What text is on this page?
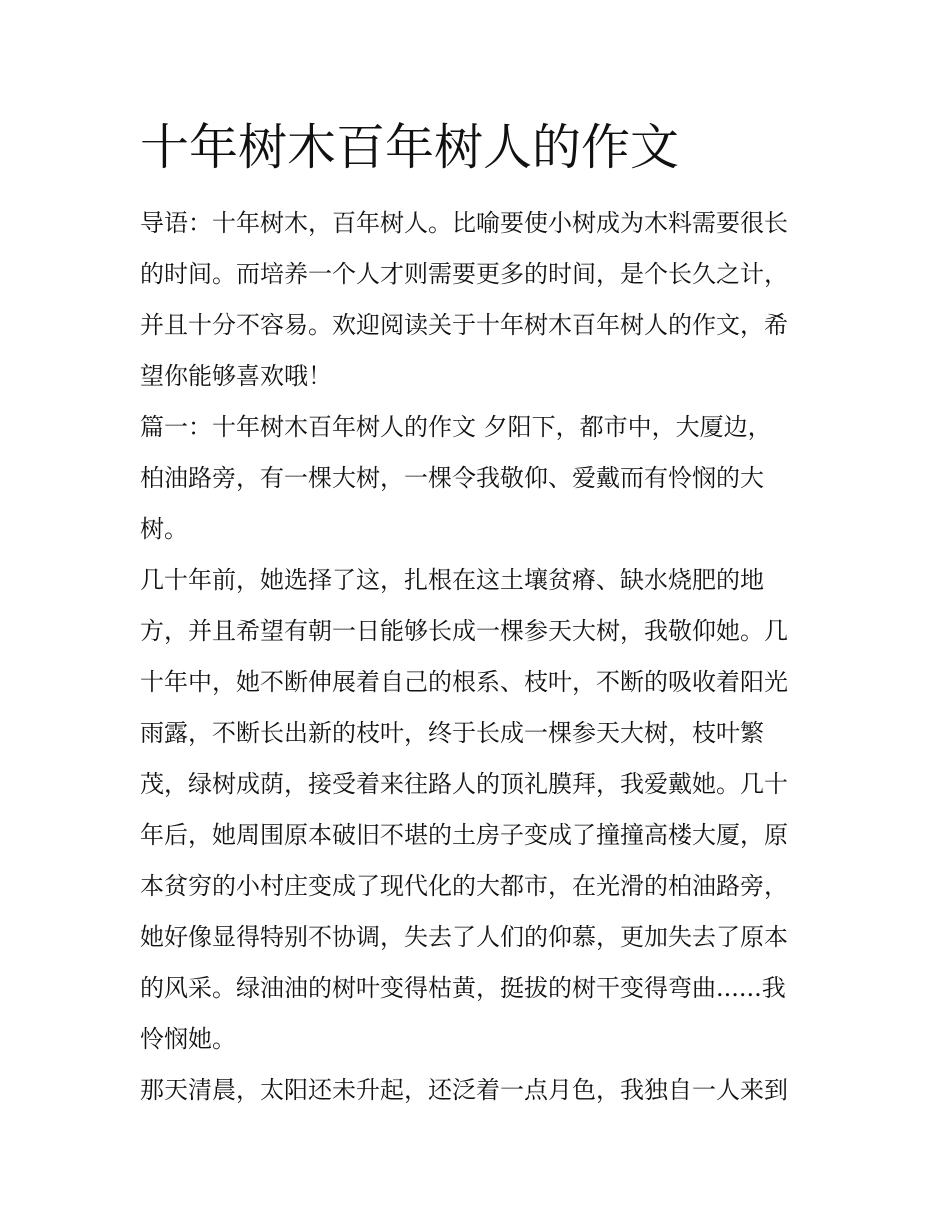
十年树木百年树人的作文

导语：十年树木，百年树人。比喻要使小树成为木料需要很长
的时间。而培养一个人才则需要更多的时间，是个长久之计，
并且十分不容易。欢迎阅读关于十年树木百年树人的作文，希
望你能够喜欢哦！

篇一：十年树木百年树人的作文 夕阳下，都市中，大厦边，
柏油路旁，有一棵大树，一棵令我敬仰、爱戴而有怜悯的大
树。

几十年前，她选择了这，扎根在这土壤贫瘠、缺水烧肥的地
方，并且希望有朝一日能够长成一棵参天大树，我敬仰她。几
十年中，她不断伸展着自己的根系、枝叶，不断的吸收着阳光
雨露，不断长出新的枝叶，终于长成一棵参天大树，枝叶繁
茂，绿树成荫，接受着来往路人的顶礼膜拜，我爱戴她。几十
年后，她周围原本破旧不堪的土房子变成了撞撞高楼大厦，原
本贫穷的小村庄变成了现代化的大都市，在光滑的柏油路旁，
她好像显得特别不协调，失去了人们的仰慕，更加失去了原本
的风采。绿油油的树叶变得枯黄，挺拔的树干变得弯曲......我
怜悯她。

那天清晨，太阳还未升起，还泛着一点月色，我独自一人来到
